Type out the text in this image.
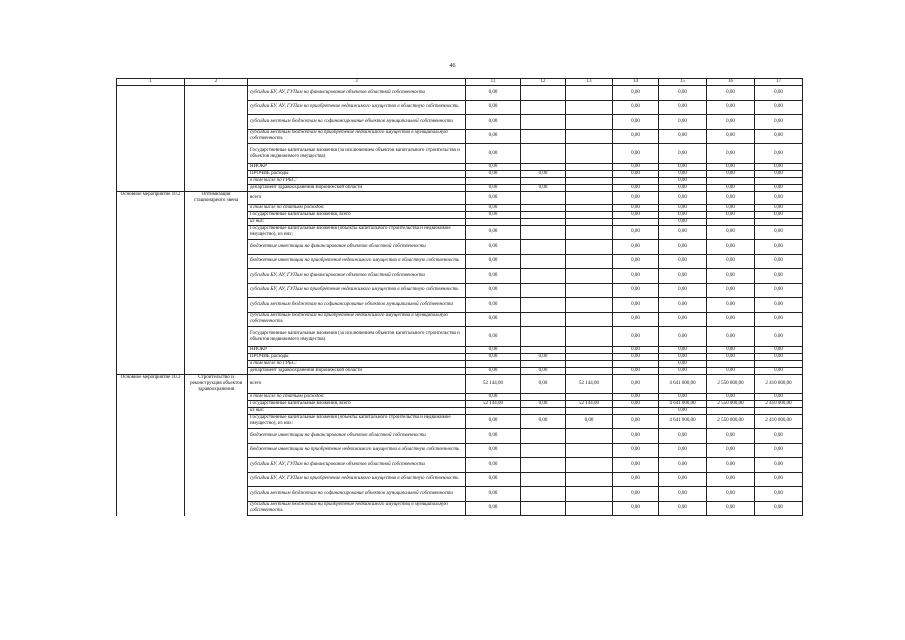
46
1	2	3	11	12	13	14	15	16	17
		субсидии БУ, АУ, ГУПам на финансирование объектов областной собственности	0,00			0,00	0,00	0,00	0,00
		субсидии БУ, АУ, ГУПам на приобретение недвижимого имущества в областную собственность	0,00			0,00	0,00	0,00	0,00
		субсидии местным бюджетам на софинансирование объектов муниципальной собственности	0,00			0,00	0,00	0,00	0,00
		субсидии местным бюджетам на приобретение недвижимого имущества в муниципальную собственность	0,00			0,00	0,00	0,00	0,00
		Государственные капитальные вложения (за исключением объектов капитального строительства и объектов недвижимого имущества)	0,00			0,00	0,00	0,00	0,00
		НИОКР	0,00			0,00	0,00	0,00	0,00
		ПРОЧИЕ расходы	0,00	0,00		0,00	0,00	0,00	0,00
		в том числе по ГРБС:					0,00		
		департамент здравоохранения Воронежской области	0,00	0,00		0,00	0,00	0,00	0,00
Основное мероприятие 10.2	Оптимизация стационарного звена	всего	0,00			0,00	0,00	0,00	0,00
		в том числе по статьям расходов:	0,00			0,00	0,00	0,00	0,00
		Государственные капитальные вложения, всего	0,00			0,00	0,00	0,00	0,00
		из них:					0,00		
		Государственные капитальные вложения (объекты капитального строительства и недвижимое имущество), из них:	0,00			0,00	0,00	0,00	0,00
		бюджетные инвестиции на финансирование объектов областной собственности	0,00			0,00	0,00	0,00	0,00
		бюджетные инвестиции на приобретение недвижимого имущества в областную собственность	0,00			0,00	0,00	0,00	0,00
		субсидии БУ, АУ, ГУПам на финансирование объектов областной собственности	0,00			0,00	0,00	0,00	0,00
		субсидии БУ, АУ, ГУПам на приобретение недвижимого имущества в областную собственность	0,00			0,00	0,00	0,00	0,00
		субсидии местным бюджетам на софинансирование объектов муниципальной собственности	0,00			0,00	0,00	0,00	0,00
		субсидии местным бюджетам на приобретение недвижимого имущества в муниципальную собственность	0,00			0,00	0,00	0,00	0,00
		Государственные капитальные вложения (за исключением объектов капитального строительства и объектов недвижимого имущества)	0,00			0,00	0,00	0,00	0,00
		НИОКР	0,00			0,00	0,00	0,00	0,00
		ПРОЧИЕ расходы	0,00	0,00		0,00	0,00	0,00	0,00
		в том числе по ГРБС:					0,00		
		департамент здравоохранения Воронежской области	0,00	0,00		0,00	0,00	0,00	0,00
Основное мероприятие 10.3	Строительство и реконструкция объектов здравоохранения	всего	52 144,00	0,00	52 144,00	0,00	4 641 000,00	2 550 000,00	2 410 000,00
		в том числе по статьям расходов:	0,00			0,00	0,00	0,00	0,00
		Государственные капитальные вложения, всего	52 144,00	0,00	52 144,00	0,00	4 641 000,00	2 550 000,00	2 410 000,00
		из них:					0,00		
		Государственные капитальные вложения (объекты капитального строительства и недвижимое имущество), из них:	0,00	0,00	0,00	0,00	4 641 000,00	2 550 000,00	2 410 000,00
		бюджетные инвестиции на финансирование объектов областной собственности	0,00			0,00	0,00	0,00	0,00
		бюджетные инвестиции на приобретение недвижимого имущества в областную собственность	0,00			0,00	0,00	0,00	0,00
		субсидии БУ, АУ, ГУПам на финансирование объектов областной собственности	0,00			0,00	0,00	0,00	0,00
		субсидии БУ, АУ, ГУПам на приобретение недвижимого имущества в областную собственность	0,00			0,00	0,00	0,00	0,00
		субсидии местным бюджетам на софинансирование объектов муниципальной собственности	0,00			0,00	0,00	0,00	0,00
		субсидии местным бюджетам на приобретение недвижимого имущества в муниципальную собственность	0,00			0,00	0,00	0,00	0,00
